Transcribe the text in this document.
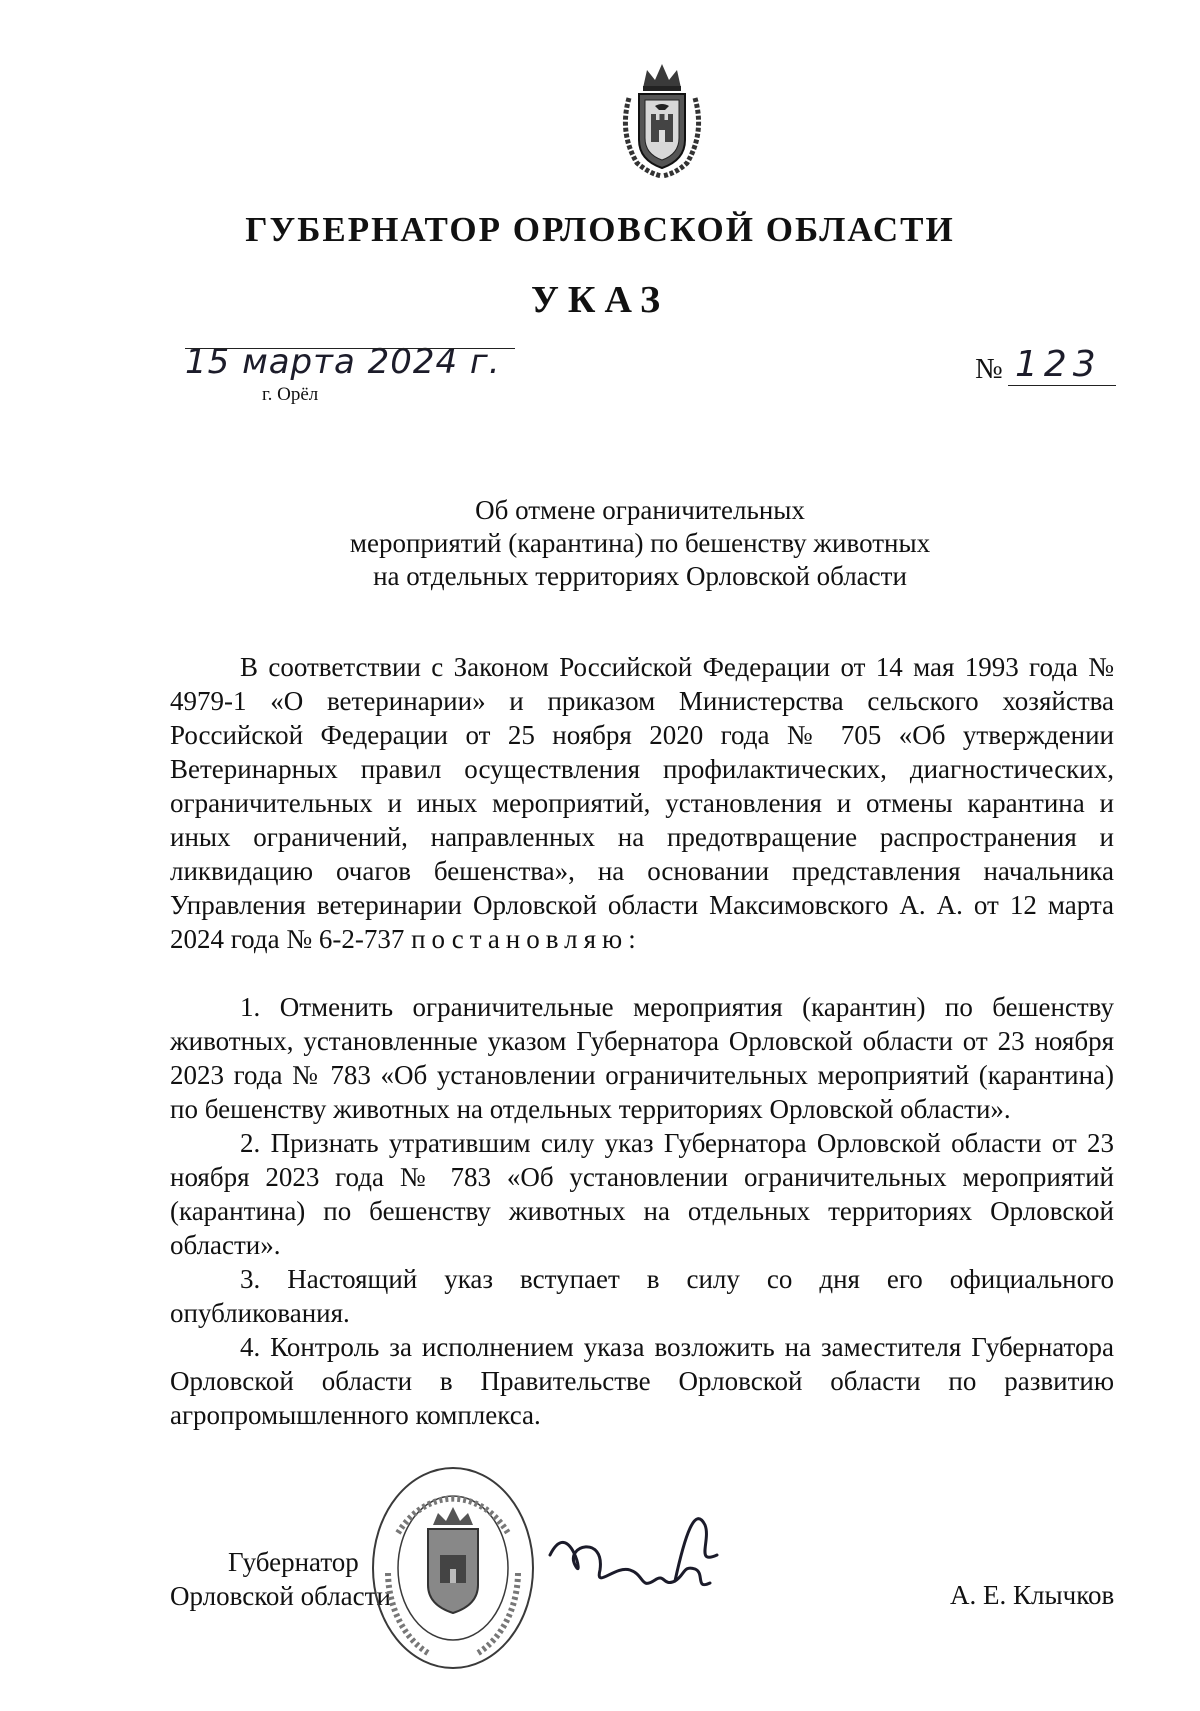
ГУБЕРНАТОР ОРЛОВСКОЙ ОБЛАСТИ
УКАЗ
15 марта 2024 г.
г. Орёл
№ 123
Об отмене ограничительных
мероприятий (карантина) по бешенству животных
на отдельных территориях Орловской области

В соответствии с Законом Российской Федерации от 14 мая 1993 года № 4979-1 «О ветеринарии» и приказом Министерства сельского хозяйства Российской Федерации от 25 ноября 2020 года № 705 «Об утверждении Ветеринарных правил осуществления профилактических, диагностических, ограничительных и иных мероприятий, установления и отмены карантина и иных ограничений, направленных на предотвращение распространения и ликвидацию очагов бешенства», на основании представления начальника Управления ветеринарии Орловской области Максимовского А. А. от 12 марта 2024 года № 6-2-737 постановляю:

1. Отменить ограничительные мероприятия (карантин) по бешенству животных, установленные указом Губернатора Орловской области от 23 ноября 2023 года № 783 «Об установлении ограничительных мероприятий (карантина) по бешенству животных на отдельных территориях Орловской области».

2. Признать утратившим силу указ Губернатора Орловской области от 23 ноября 2023 года № 783 «Об установлении ограничительных мероприятий (карантина) по бешенству животных на отдельных территориях Орловской области».

3. Настоящий указ вступает в силу со дня его официального опубликования.

4. Контроль за исполнением указа возложить на заместителя Губернатора Орловской области в Правительстве Орловской области по развитию агропромышленного комплекса.

Губернатор
Орловской области	А. Е. Клычков
